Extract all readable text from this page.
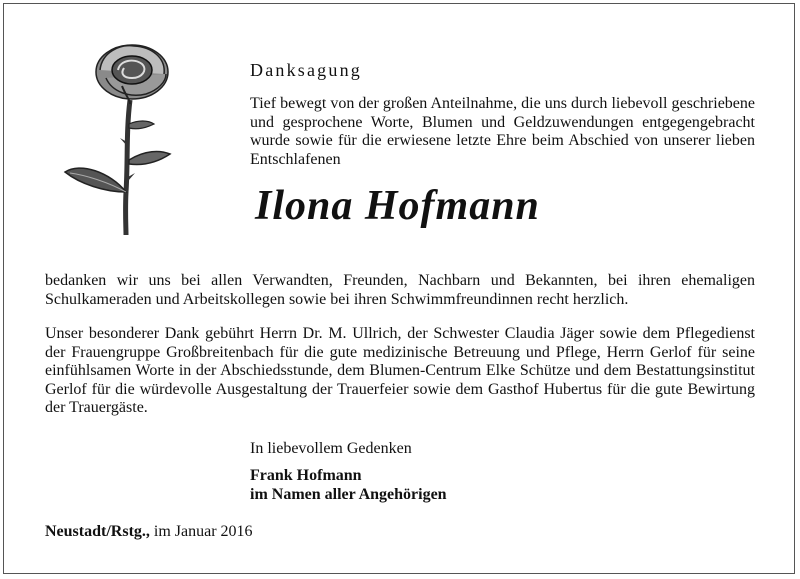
Danksagung
Tief bewegt von der großen Anteilnahme, die uns durch liebevoll geschriebene und gesprochene Worte, Blumen und Geldzuwendungen entgegengebracht wurde sowie für die erwiesene letzte Ehre beim Abschied von unserer lieben Entschlafenen
Ilona Hofmann
bedanken wir uns bei allen Verwandten, Freunden, Nachbarn und Bekannten, bei ihren ehemaligen Schulkameraden und Arbeitskollegen sowie bei ihren Schwimmfreundinnen recht herzlich.
Unser besonderer Dank gebührt Herrn Dr. M. Ullrich, der Schwester Claudia Jäger sowie dem Pflegedienst der Frauengruppe Großbreitenbach für die gute medizinische Betreuung und Pflege, Herrn Gerlof für seine einfühlsamen Worte in der Abschiedsstunde, dem Blumen-Centrum Elke Schütze und dem Bestattungsinstitut Gerlof für die würdevolle Ausgestaltung der Trauerfeier sowie dem Gasthof Hubertus für die gute Bewirtung der Trauergäste.
In liebevollem Gedenken
Frank Hofmann
im Namen aller Angehörigen
Neustadt/Rstg., im Januar 2016
